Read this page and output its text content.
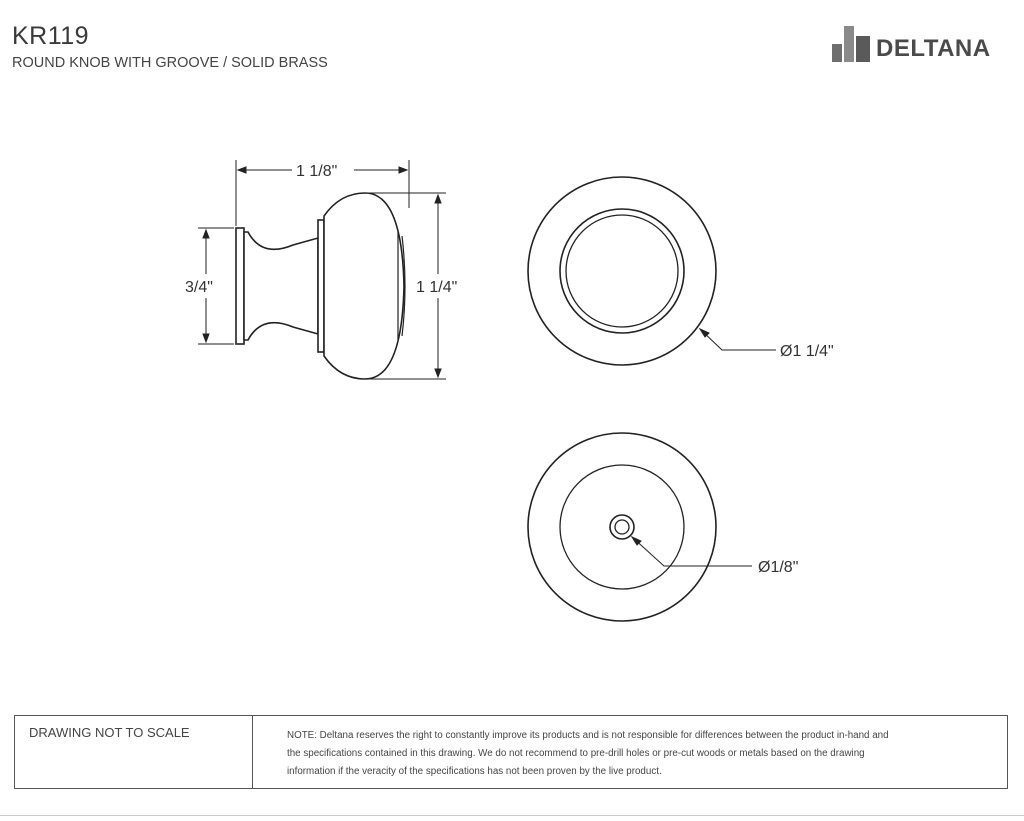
KR119
ROUND KNOB WITH GROOVE / SOLID BRASS
DELTANA
1 1/8"
3/4"	1 1/4"
Ø1 1/4"
Ø1/8"
DRAWING NOT TO SCALE	NOTE: Deltana reserves the right to constantly improve its products and is not responsible for differences between the product in-hand and
the specifications contained in this drawing. We do not recommend to pre-drill holes or pre-cut woods or metals based on the drawing
information if the veracity of the specifications has not been proven by the live product.
